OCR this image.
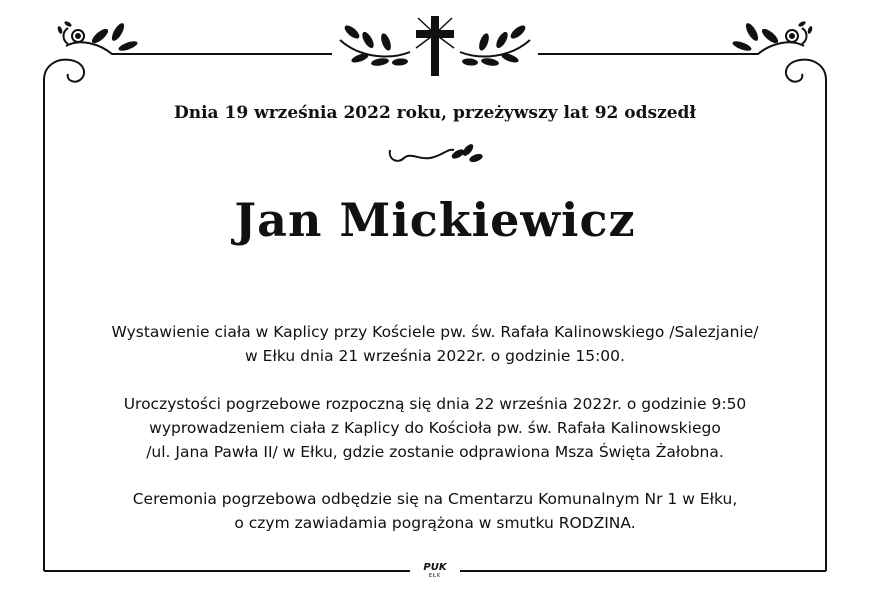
Dnia 19 września 2022 roku, przeżywszy lat 92 odszedł
Jan Mickiewicz
Wystawienie ciała w Kaplicy przy Kościele pw. św. Rafała Kalinowskiego /Salezjanie/
w Ełku dnia 21 września 2022r. o godzinie 15:00.
Uroczystości pogrzebowe rozpoczną się dnia 22 września 2022r. o godzinie 9:50
wyprowadzeniem ciała z Kaplicy do Kościoła pw. św. Rafała Kalinowskiego
/ul. Jana Pawła II/ w Ełku, gdzie zostanie odprawiona Msza Święta Żałobna.
Ceremonia pogrzebowa odbędzie się na Cmentarzu Komunalnym Nr 1 w Ełku,
o czym zawiadamia pogrążona w smutku RODZINA.
PUK
EŁK
